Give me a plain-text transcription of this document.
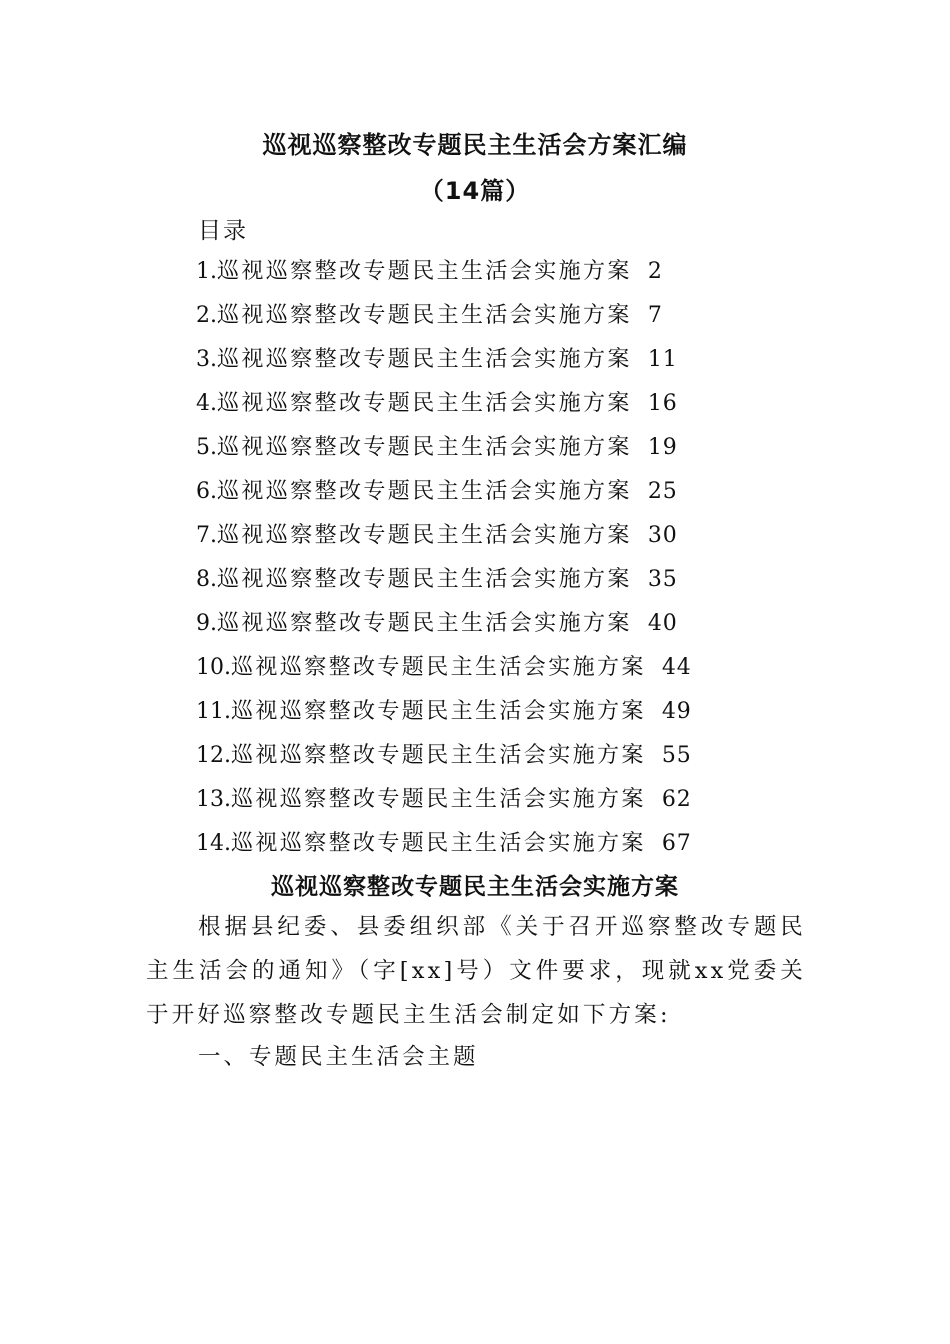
巡视巡察整改专题民主生活会方案汇编
（14篇）
目录
1. 巡视巡察整改专题民主生活会实施方案 2
2. 巡视巡察整改专题民主生活会实施方案 7
3. 巡视巡察整改专题民主生活会实施方案 11
4. 巡视巡察整改专题民主生活会实施方案 16
5. 巡视巡察整改专题民主生活会实施方案 19
6. 巡视巡察整改专题民主生活会实施方案 25
7. 巡视巡察整改专题民主生活会实施方案 30
8. 巡视巡察整改专题民主生活会实施方案 35
9. 巡视巡察整改专题民主生活会实施方案 40
10. 巡视巡察整改专题民主生活会实施方案 44
11. 巡视巡察整改专题民主生活会实施方案 49
12. 巡视巡察整改专题民主生活会实施方案 55
13. 巡视巡察整改专题民主生活会实施方案 62
14. 巡视巡察整改专题民主生活会实施方案 67
巡视巡察整改专题民主生活会实施方案

根据县纪委、县委组织部《关于召开巡察整改专题民主生活会的通知》（字[xx]号）文件要求，现就xx党委关于开好巡察整改专题民主生活会制定如下方案:

一、专题民主生活会主题
